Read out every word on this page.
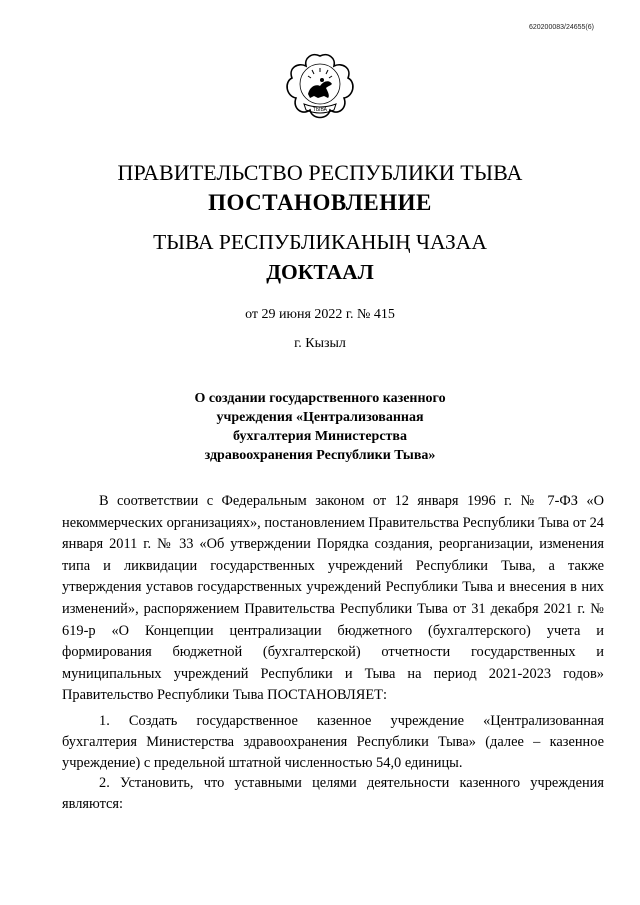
620200083/24655(6)
ТЫВА
ПРАВИТЕЛЬСТВО РЕСПУБЛИКИ ТЫВА
ПОСТАНОВЛЕНИЕ
ТЫВА РЕСПУБЛИКАНЫҢ ЧАЗАА
ДОКТААЛ
от 29 июня 2022 г. № 415
г. Кызыл
О создании государственного казенного
учреждения «Централизованная
бухгалтерия Министерства
здравоохранения Республики Тыва»

В соответствии с Федеральным законом от 12 января 1996 г. № 7-ФЗ «О некоммерческих организациях», постановлением Правительства Республики Тыва от 24 января 2011 г. № 33 «Об утверждении Порядка создания, реорганизации, изменения типа и ликвидации государственных учреждений Республики Тыва, а также утверждения уставов государственных учреждений Республики Тыва и внесения в них изменений», распоряжением Правительства Республики Тыва от 31 декабря 2021 г. № 619-р «О Концепции централизации бюджетного (бухгалтерского) учета и формирования бюджетной (бухгалтерской) отчетности государственных и муниципальных учреждений Республики и Тыва на период 2021-2023 годов» Правительство Республики Тыва ПОСТАНОВЛЯЕТ:

1. Создать государственное казенное учреждение «Централизованная бухгалтерия Министерства здравоохранения Республики Тыва» (далее – казенное учреждение) с предельной штатной численностью 54,0 единицы.

2. Установить, что уставными целями деятельности казенного учреждения являются:
